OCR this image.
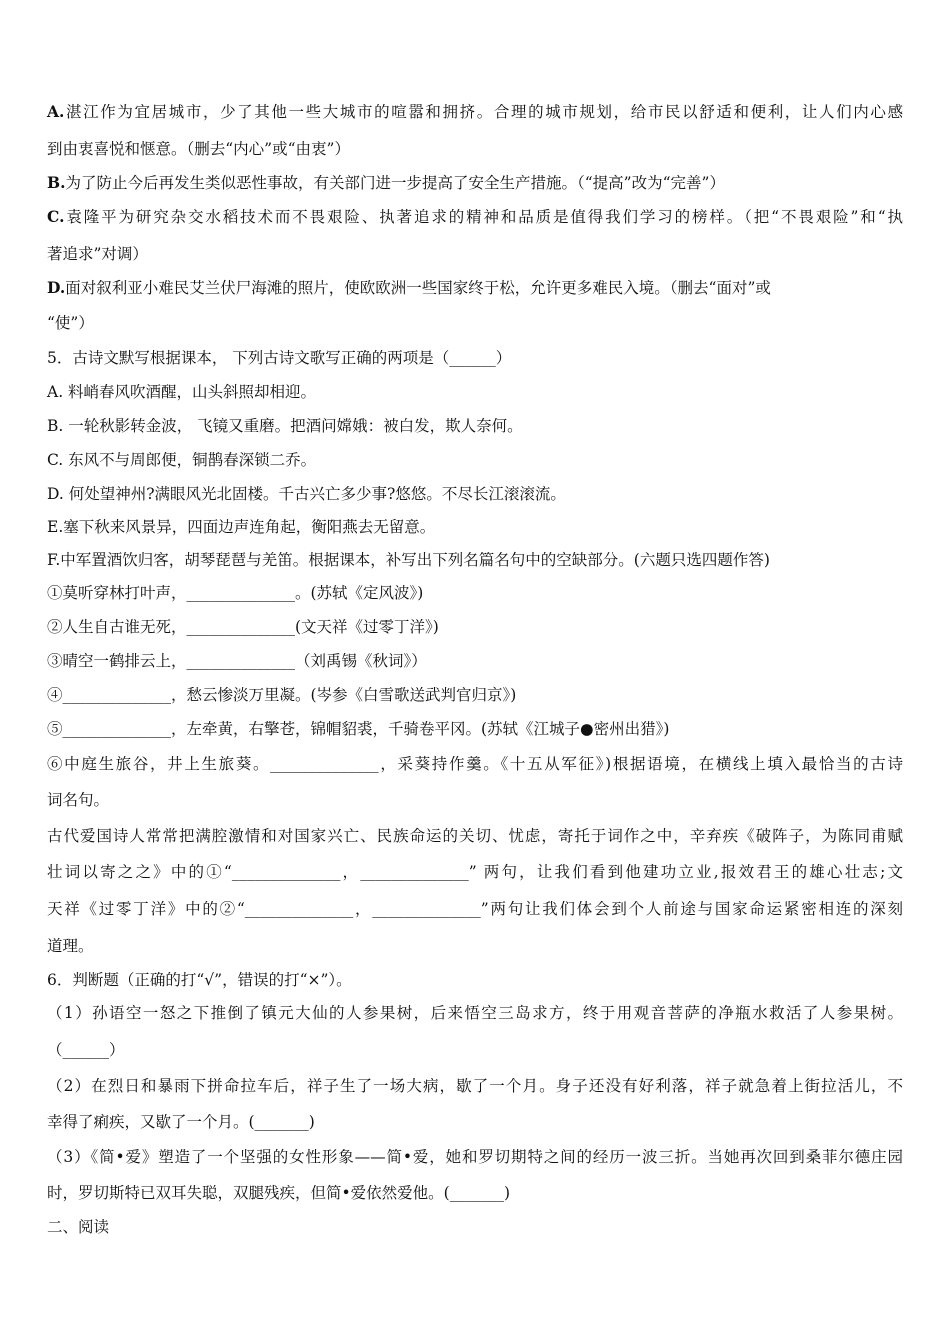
A.湛江作为宜居城市，少了其他一些大城市的喧嚣和拥挤。合理的城市规划，给市民以舒适和便利，让人们内心感
到由衷喜悦和惬意。（删去“内心”或“由衷”）
B.为了防止今后再发生类似恶性事故，有关部门进一步提高了安全生产措施。（“提高”改为“完善”）
C.袁隆平为研究杂交水稻技术而不畏艰险、执著追求的精神和品质是值得我们学习的榜样。（把“不畏艰险”和“执
著追求”对调）
D.面对叙利亚小难民艾兰伏尸海滩的照片，使欧欧洲一些国家终于松，允许更多难民入境。（删去“面对”或
“使”）
5．古诗文默写根据课本， 下列古诗文歌写正确的两项是（______）
A. 料峭春风吹酒醒，山头斜照却相迎。
B. 一轮秋影转金波， 飞镜又重磨。把酒问嫦娥：被白发，欺人奈何。
C. 东风不与周郎便，铜鹊春深锁二乔。
D. 何处望神州?满眼风光北固楼。千古兴亡多少事?悠悠。不尽长江滚滚流。
E.塞下秋来风景异，四面边声连角起，衡阳燕去无留意。
F.中军置酒饮归客，胡琴琵琶与羌笛。根据课本，补写出下列名篇名句中的空缺部分。(六题只选四题作答)
①莫听穿林打叶声，______________。(苏轼《定风波》)
②人生自古谁无死，______________(文天祥《过零丁洋》)
③晴空一鹤排云上，______________（刘禹锡《秋词》）
④______________，愁云惨淡万里凝。(岑参《白雪歌送武判官归京》)
⑤______________，左牵黄，右擎苍，锦帽貂裘，千骑卷平冈。(苏轼《江城子●密州出猎》)
⑥中庭生旅谷，井上生旅葵。______________，采葵持作羹。《十五从军征》)根据语境，在横线上填入最恰当的古诗
词名句。
古代爱国诗人常常把满腔激情和对国家兴亡、民族命运的关切、忧虑，寄托于词作之中，辛弃疾《破阵子，为陈同甫赋
壮词以寄之之》中的①“______________，______________” 两句，让我们看到他建功立业,报效君王的雄心壮志;文
天祥《过零丁洋》中的②“______________，______________”两句让我们体会到个人前途与国家命运紧密相连的深刻
道理。
6．判断题（正确的打“√”，错误的打“×”）。
（1）孙语空一怒之下推倒了镇元大仙的人参果树，后来悟空三岛求方，终于用观音菩萨的净瓶水救活了人参果树。
（______）
（2）在烈日和暴雨下拼命拉车后，祥子生了一场大病，歇了一个月。身子还没有好利落，祥子就急着上街拉活儿，不
幸得了痢疾，又歇了一个月。(_______)
（3）《简•爱》塑造了一个坚强的女性形象——简•爱，她和罗切期特之间的经历一波三折。当她再次回到桑菲尔德庄园
时，罗切斯特已双耳失聪，双腿残疾，但简•爱依然爱他。(_______)
二、阅读
